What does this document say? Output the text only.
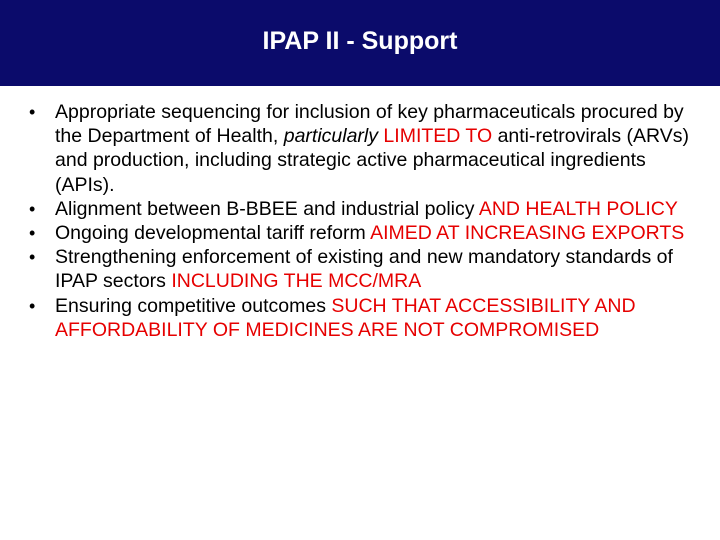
IPAP II - Support
• Appropriate sequencing for inclusion of key pharmaceuticals procured by the Department of Health, particularly LIMITED TO anti-retrovirals (ARVs) and production, including strategic active pharmaceutical ingredients (APIs).
• Alignment between B-BBEE and industrial policy AND HEALTH POLICY
• Ongoing developmental tariff reform AIMED AT INCREASING EXPORTS
• Strengthening enforcement of existing and new mandatory standards of IPAP sectors INCLUDING THE MCC/MRA
• Ensuring competitive outcomes SUCH THAT ACCESSIBILITY AND AFFORDABILITY OF MEDICINES ARE NOT COMPROMISED
